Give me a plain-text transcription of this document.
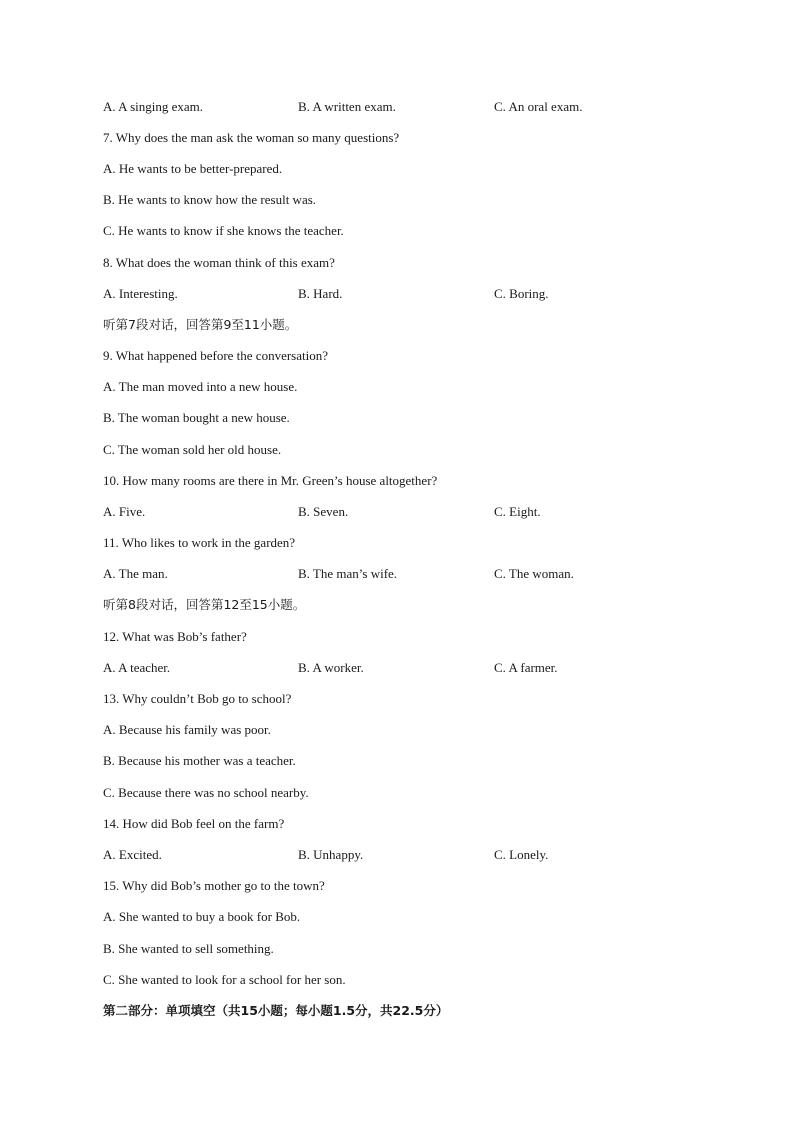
A. A singing exam.	B. A written exam.	C. An oral exam.
7. Why does the man ask the woman so many questions?
A. He wants to be better-prepared.
B. He wants to know how the result was.
C. He wants to know if she knows the teacher.
8. What does the woman think of this exam?
A. Interesting.	B. Hard.	C. Boring.
听第7段对话，回答第9至11小题。
9. What happened before the conversation?
A. The man moved into a new house.
B. The woman bought a new house.
C. The woman sold her old house.
10. How many rooms are there in Mr. Green’s house altogether?
A. Five.	B. Seven.	C. Eight.
11. Who likes to work in the garden?
A. The man.	B. The man’s wife.	C. The woman.
听第8段对话，回答第12至15小题。
12. What was Bob’s father?
A. A teacher.	B. A worker.	C. A farmer.
13. Why couldn’t Bob go to school?
A. Because his family was poor.
B. Because his mother was a teacher.
C. Because there was no school nearby.
14. How did Bob feel on the farm?
A. Excited.	B. Unhappy.	C. Lonely.
15. Why did Bob’s mother go to the town?
A. She wanted to buy a book for Bob.
B. She wanted to sell something.
C. She wanted to look for a school for her son.
第二部分：单项填空（共15小题；每小题1.5分，共22.5分）
